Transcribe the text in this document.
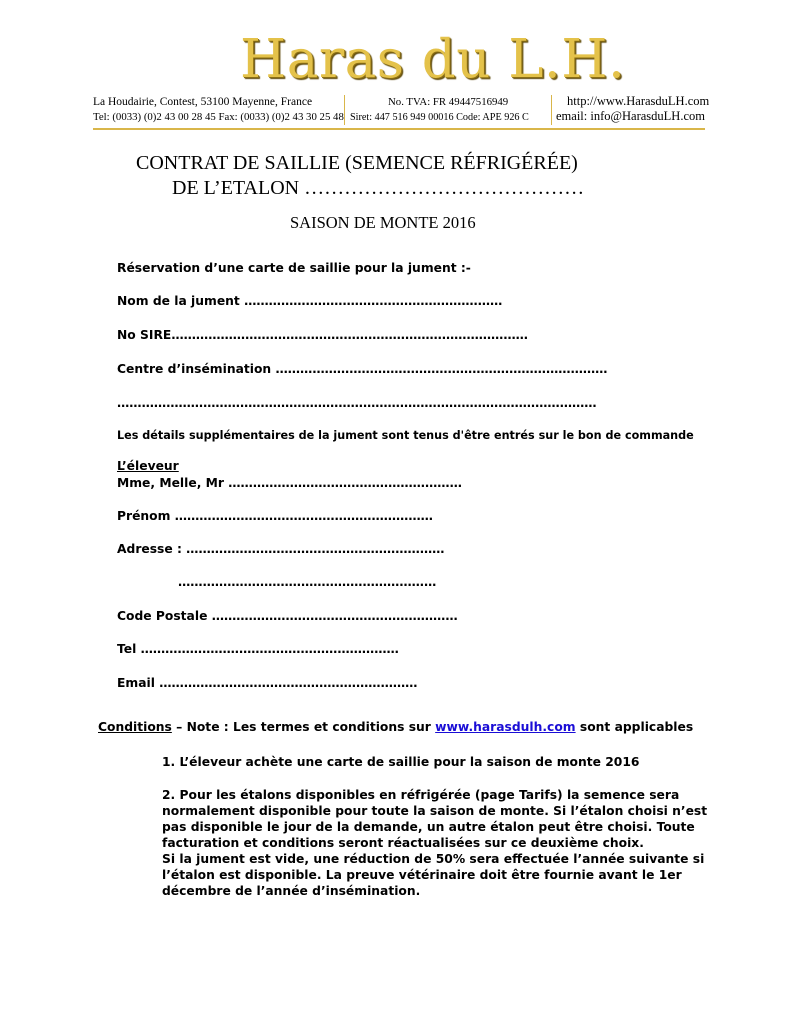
Haras du L.H.
La Houdairie, Contest, 53100 Mayenne, France
Tel: (0033) (0)2 43 00 28 45 Fax: (0033) (0)2 43 30 25 48
No. TVA: FR 49447516949
Siret: 447 516 949 00016 Code: APE 926 C
http://www.HarasduLH.com
email: info@HarasduLH.com
CONTRAT DE SAILLIE (SEMENCE RÉFRIGÉRÉE)
DE L’ETALON ……………………………………
SAISON DE MONTE 2016
Réservation d’une carte de saillie pour la jument :-
Nom de la jument ………………………………………………………
No SIRE……………………………………………………………………………
Centre d’insémination ………………………………………………………………………
………………………………………………………………………………………………………
Les détails supplémentaires de la jument sont tenus d'être entrés sur le bon de commande
L’éleveur
Mme, Melle, Mr …………………………………………………
Prénom ………………………………………………………
Adresse : ………………………………………………………
………………………………………………………
Code Postale ……………………………………………………
Tel ………………………………………………………
Email ………………………………………………………
Conditions – Note : Les termes et conditions sur www.harasdulh.com sont applicables
1. L’éleveur achète une carte de saillie pour la saison de monte 2016
2. Pour les étalons disponibles en réfrigérée (page Tarifs) la semence sera
normalement disponible pour toute la saison de monte. Si l’étalon choisi n’est
pas disponible le jour de la demande, un autre étalon peut être choisi. Toute
facturation et conditions seront réactualisées sur ce deuxième choix.
Si la jument est vide, une réduction de 50% sera effectuée l’année suivante si
l’étalon est disponible. La preuve vétérinaire doit être fournie avant le 1er
décembre de l’année d’insémination.
